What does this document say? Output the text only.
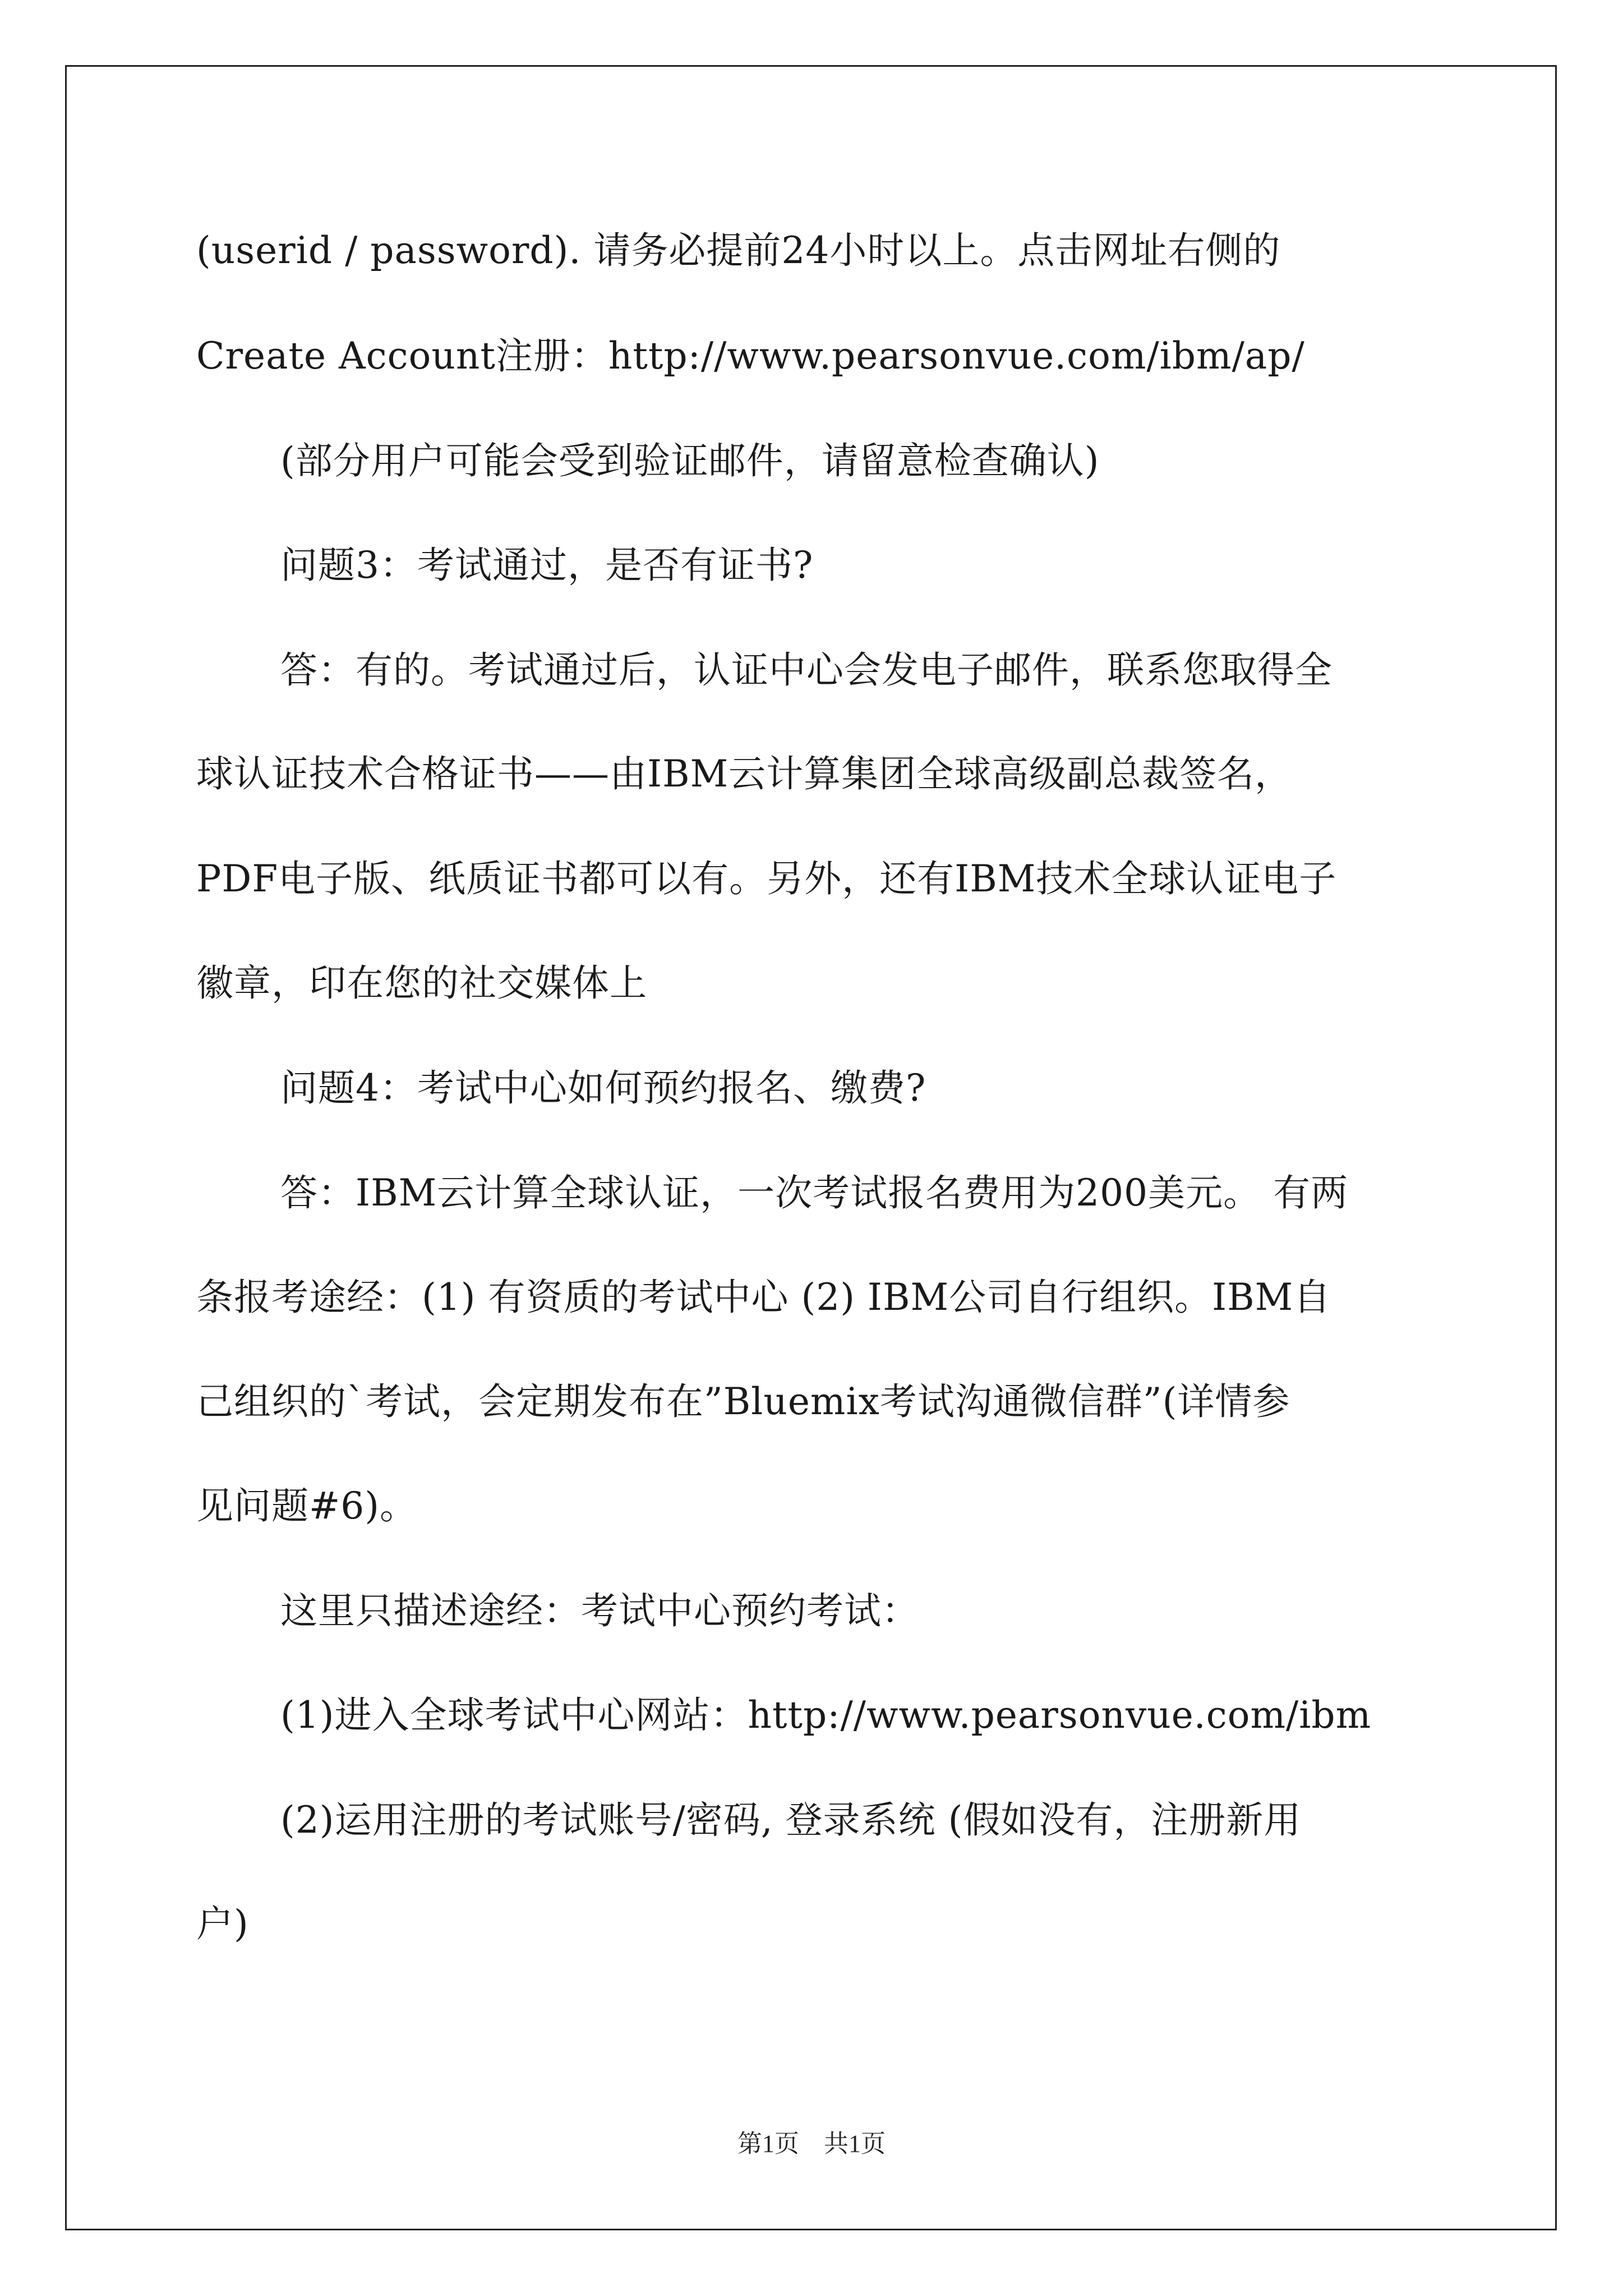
(userid / password). 请务必提前24小时以上。点击网址右侧的
Create Account注册：http://www.pearsonvue.com/ibm/ap/
(部分用户可能会受到验证邮件，请留意检查确认)
问题3：考试通过，是否有证书?
答：有的。考试通过后，认证中心会发电子邮件，联系您取得全
球认证技术合格证书——由IBM云计算集团全球高级副总裁签名，
PDF电子版、纸质证书都可以有。另外，还有IBM技术全球认证电子
徽章，印在您的社交媒体上
问题4：考试中心如何预约报名、缴费?
答：IBM云计算全球认证，一次考试报名费用为200美元。 有两
条报考途经：(1) 有资质的考试中心 (2) IBM公司自行组织。IBM自
己组织的`考试，会定期发布在”Bluemix考试沟通微信群”(详情参
见问题#6)。
这里只描述途经：考试中心预约考试：
(1)进入全球考试中心网站：http://www.pearsonvue.com/ibm
(2)运用注册的考试账号/密码, 登录系统 (假如没有，注册新用
户)
第1页　共1页
